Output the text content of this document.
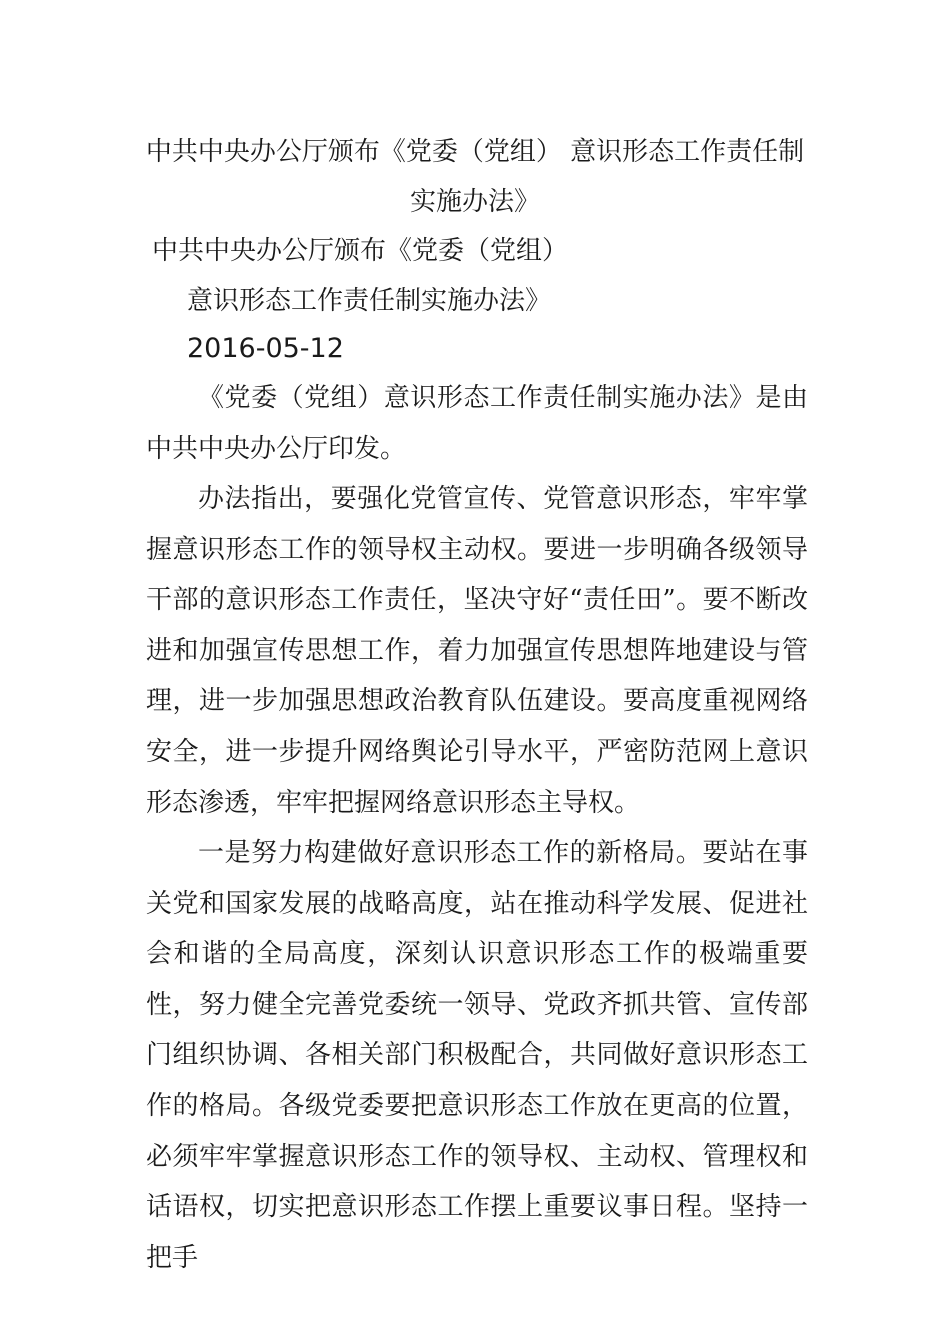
中共中央办公厅颁布《党委（党组） 意识形态工作责任制
实施办法》
中共中央办公厅颁布《党委（党组）
意识形态工作责任制实施办法》
2016-05-12

《党委（党组）意识形态工作责任制实施办法》是由中共中央办公厅印发。

办法指出，要强化党管宣传、党管意识形态，牢牢掌握意识形态工作的领导权主动权。要进一步明确各级领导干部的意识形态工作责任，坚决守好“责任田”。要不断改进和加强宣传思想工作，着力加强宣传思想阵地建设与管理，进一步加强思想政治教育队伍建设。要高度重视网络安全，进一步提升网络舆论引导水平，严密防范网上意识形态渗透，牢牢把握网络意识形态主导权。

一是努力构建做好意识形态工作的新格局。要站在事关党和国家发展的战略高度，站在推动科学发展、促进社会和谐的全局高度，深刻认识意识形态工作的极端重要性，努力健全完善党委统一领导、党政齐抓共管、宣传部门组织协调、各相关部门积极配合，共同做好意识形态工作的格局。各级党委要把意识形态工作放在更高的位置，必须牢牢掌握意识形态工作的领导权、主动权、管理权和话语权，切实把意识形态工作摆上重要议事日程。坚持一把手
